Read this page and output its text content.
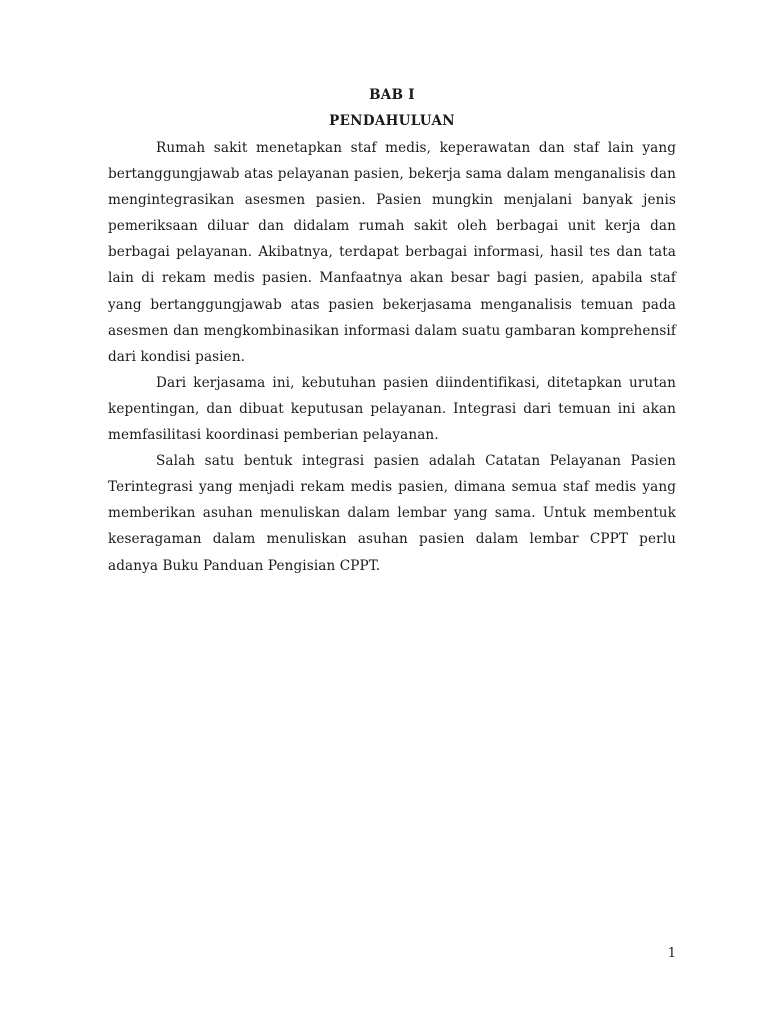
BAB I
PENDAHULUAN

Rumah sakit menetapkan staf medis, keperawatan dan staf lain yang bertanggungjawab atas pelayanan pasien, bekerja sama dalam menganalisis dan mengintegrasikan asesmen pasien. Pasien mungkin menjalani banyak jenis pemeriksaan diluar dan didalam rumah sakit oleh berbagai unit kerja dan berbagai pelayanan. Akibatnya, terdapat berbagai informasi, hasil tes dan tata lain di rekam medis pasien. Manfaatnya akan besar bagi pasien, apabila staf yang bertanggungjawab atas pasien bekerjasama menganalisis temuan pada asesmen dan mengkombinasikan informasi dalam suatu gambaran komprehensif dari kondisi pasien.

Dari kerjasama ini, kebutuhan pasien diindentifikasi, ditetapkan urutan kepentingan, dan dibuat keputusan pelayanan. Integrasi dari temuan ini akan memfasilitasi koordinasi pemberian pelayanan.

Salah satu bentuk integrasi pasien adalah Catatan Pelayanan Pasien Terintegrasi yang menjadi rekam medis pasien, dimana semua staf medis yang memberikan asuhan menuliskan dalam lembar yang sama. Untuk membentuk keseragaman dalam menuliskan asuhan pasien dalam lembar CPPT perlu adanya Buku Panduan Pengisian CPPT.

1
